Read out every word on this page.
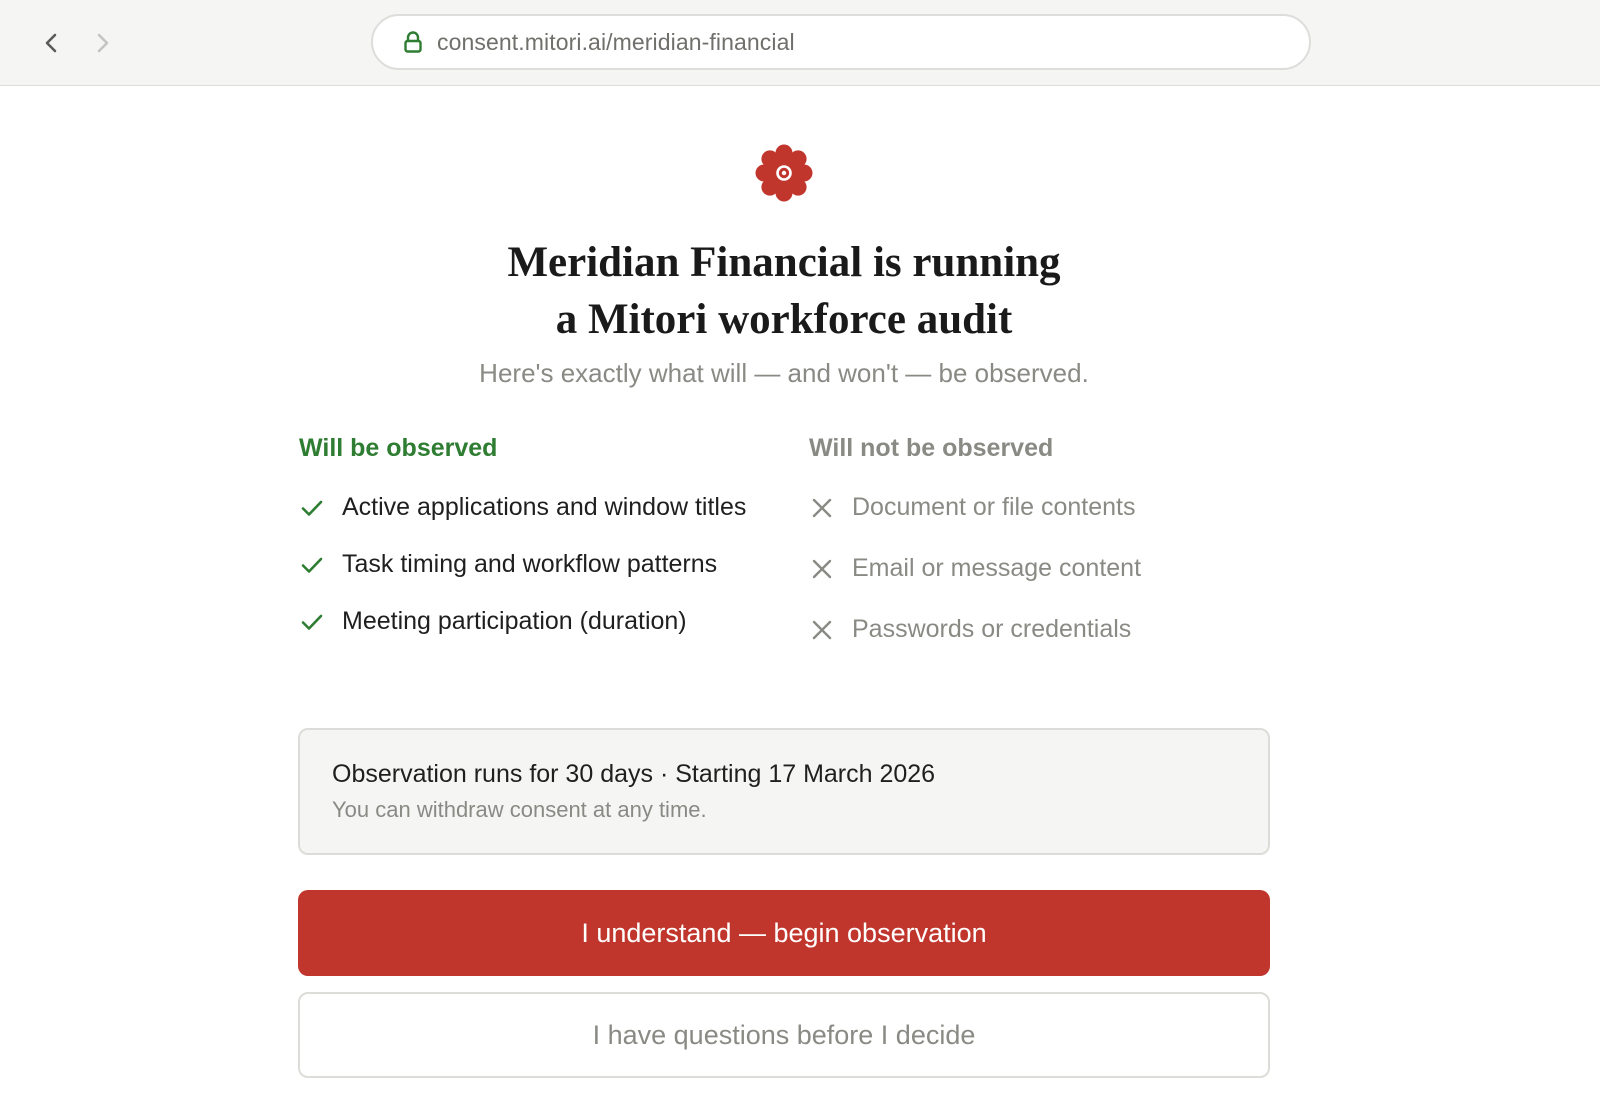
consent.mitori.ai/meridian-financial
Meridian Financial is running
a Mitori workforce audit

Here's exactly what will — and won't — be observed.

Will be observed
Active applications and window titles
Task timing and workflow patterns
Meeting participation (duration)
Will not be observed
Document or file contents
Email or message content
Passwords or credentials
Observation runs for 30 days · Starting 17 March 2026
You can withdraw consent at any time.
I understand — begin observation
I have questions before I decide
